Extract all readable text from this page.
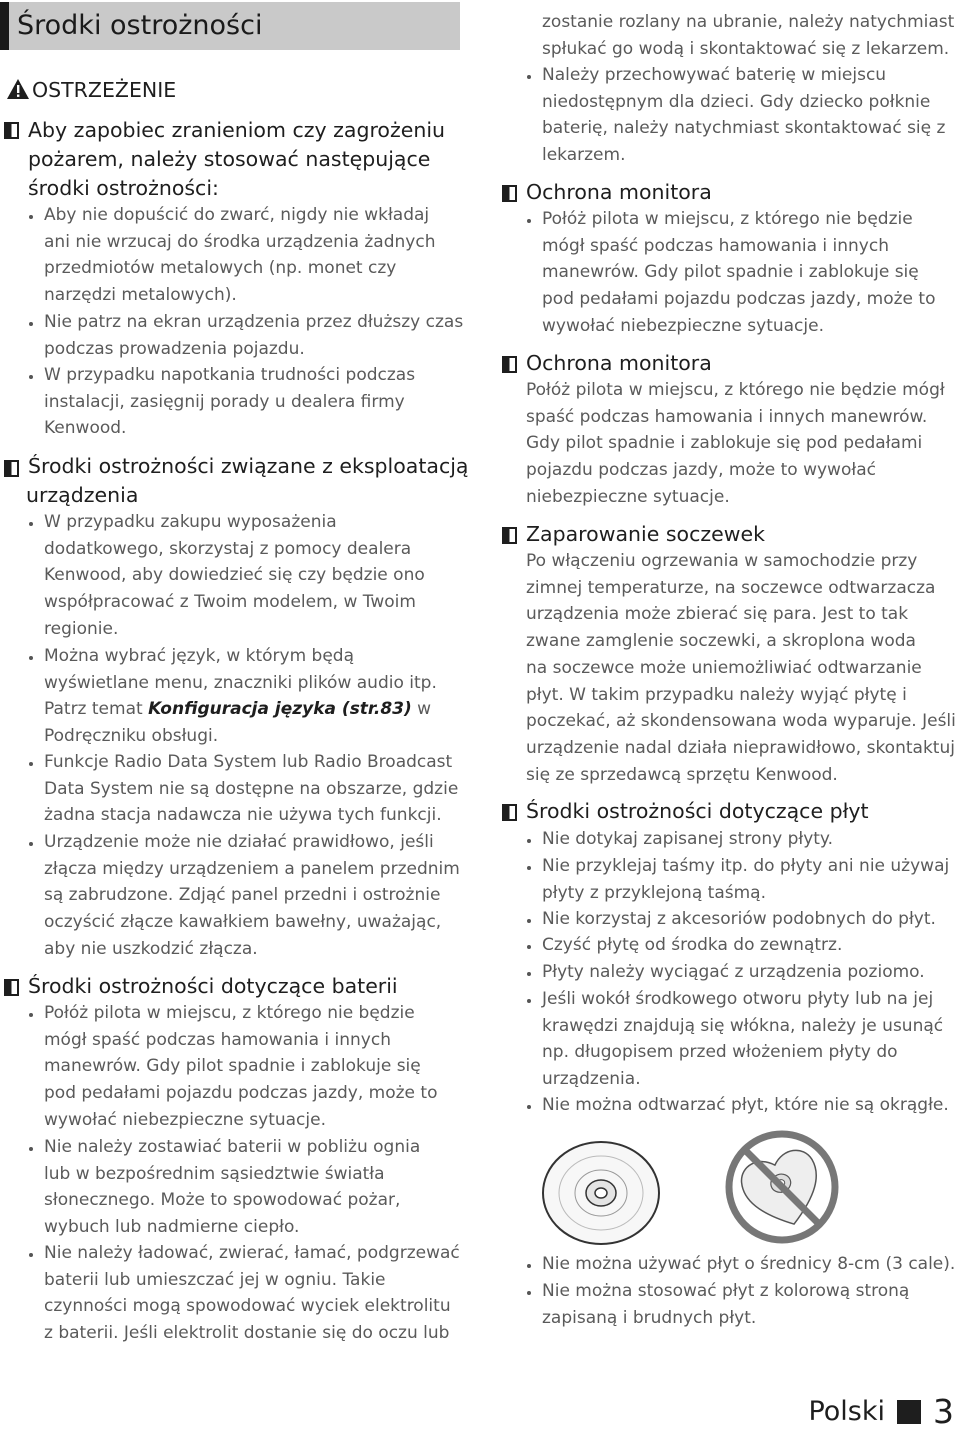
Środki ostrożności
OSTRZEŻENIE
Aby zapobiec zranieniom czy zagrożeniu
pożarem, należy stosować następujące
środki ostrożności:
Aby nie dopuścić do zwarć, nigdy nie wkładaj
ani nie wrzucaj do środka urządzenia żadnych
przedmiotów metalowych (np. monet czy
narzędzi metalowych).
Nie patrz na ekran urządzenia przez dłuższy czas
podczas prowadzenia pojazdu.
W przypadku napotkania trudności podczas
instalacji, zasięgnij porady u dealera firmy
Kenwood.
Środki ostrożności związane z eksploatacją
urządzenia
W przypadku zakupu wyposażenia
dodatkowego, skorzystaj z pomocy dealera
Kenwood, aby dowiedzieć się czy będzie ono
współpracować z Twoim modelem, w Twoim
regionie.
Można wybrać język, w którym będą
wyświetlane menu, znaczniki plików audio itp.
Patrz temat Konfiguracja języka (str.83) w
Podręczniku obsługi.
Funkcje Radio Data System lub Radio Broadcast
Data System nie są dostępne na obszarze, gdzie
żadna stacja nadawcza nie używa tych funkcji.
Urządzenie może nie działać prawidłowo, jeśli
złącza między urządzeniem a panelem przednim
są zabrudzone. Zdjąć panel przedni i ostrożnie
oczyścić złącze kawałkiem bawełny, uważając,
aby nie uszkodzić złącza.
Środki ostrożności dotyczące baterii
Połóż pilota w miejscu, z którego nie będzie
mógł spaść podczas hamowania i innych
manewrów. Gdy pilot spadnie i zablokuje się
pod pedałami pojazdu podczas jazdy, może to
wywołać niebezpieczne sytuacje.
Nie należy zostawiać baterii w pobliżu ognia
lub w bezpośrednim sąsiedztwie światła
słonecznego. Może to spowodować pożar,
wybuch lub nadmierne ciepło.
Nie należy ładować, zwierać, łamać, podgrzewać
baterii lub umieszczać jej w ogniu. Takie
czynności mogą spowodować wyciek elektrolitu
z baterii. Jeśli elektrolit dostanie się do oczu lub
zostanie rozlany na ubranie, należy natychmiast
spłukać go wodą i skontaktować się z lekarzem.
Należy przechowywać baterię w miejscu
niedostępnym dla dzieci. Gdy dziecko połknie
baterię, należy natychmiast skontaktować się z
lekarzem.
Ochrona monitora
Połóż pilota w miejscu, z którego nie będzie
mógł spaść podczas hamowania i innych
manewrów. Gdy pilot spadnie i zablokuje się
pod pedałami pojazdu podczas jazdy, może to
wywołać niebezpieczne sytuacje.
Ochrona monitora
Połóż pilota w miejscu, z którego nie będzie mógł
spaść podczas hamowania i innych manewrów.
Gdy pilot spadnie i zablokuje się pod pedałami
pojazdu podczas jazdy, może to wywołać
niebezpieczne sytuacje.
Zaparowanie soczewek
Po włączeniu ogrzewania w samochodzie przy
zimnej temperaturze, na soczewce odtwarzacza
urządzenia może zbierać się para. Jest to tak
zwane zamglenie soczewki, a skroplona woda
na soczewce może uniemożliwiać odtwarzanie
płyt. W takim przypadku należy wyjąć płytę i
poczekać, aż skondensowana woda wyparuje. Jeśli
urządzenie nadal działa nieprawidłowo, skontaktuj
się ze sprzedawcą sprzętu Kenwood.
Środki ostrożności dotyczące płyt
Nie dotykaj zapisanej strony płyty.
Nie przyklejaj taśmy itp. do płyty ani nie używaj
płyty z przyklejoną taśmą.
Nie korzystaj z akcesoriów podobnych do płyt.
Czyść płytę od środka do zewnątrz.
Płyty należy wyciągać z urządzenia poziomo.
Jeśli wokół środkowego otworu płyty lub na jej
krawędzi znajdują się włókna, należy je usunąć
np. długopisem przed włożeniem płyty do
urządzenia.
Nie można odtwarzać płyt, które nie są okrągłe.
Nie można używać płyt o średnicy 8-cm (3 cale).
Nie można stosować płyt z kolorową stroną
zapisaną i brudnych płyt.
Polski 3
